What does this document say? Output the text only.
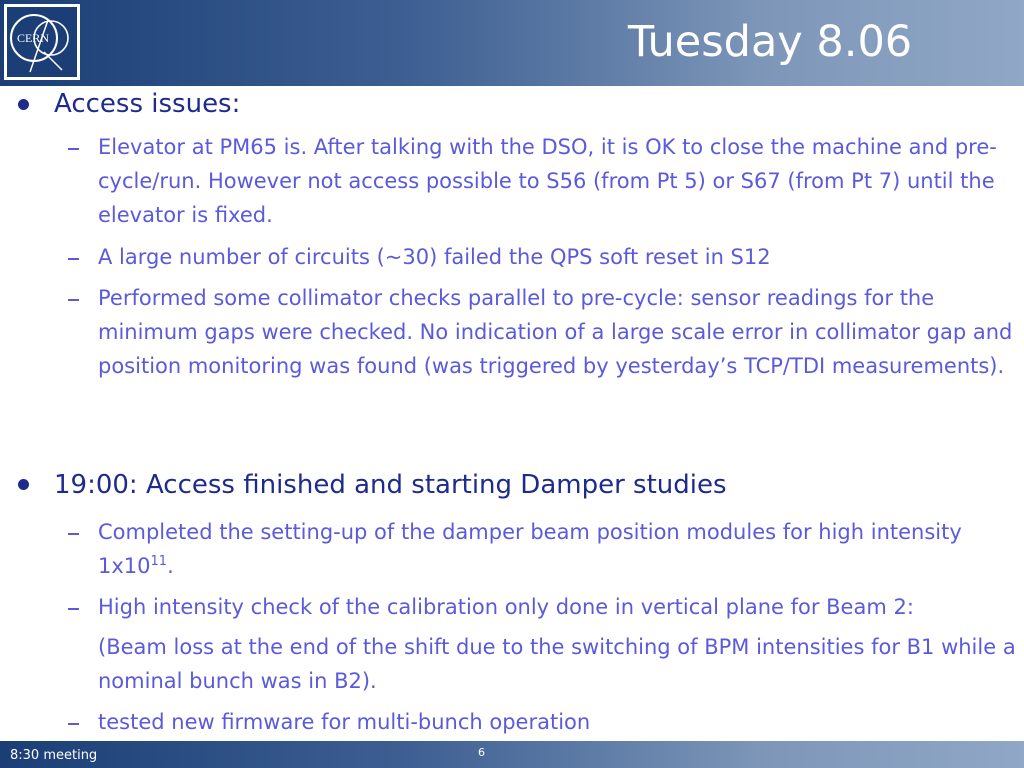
CERN	Tuesday 8.06
Access issues:
Elevator at PM65 is. After talking with the DSO, it is OK to close the machine and pre-cycle/run. However not access possible to S56 (from Pt 5) or S67 (from Pt 7) until the elevator is fixed.
A large number of circuits (~30) failed the QPS soft reset in S12
Performed some collimator checks parallel to pre-cycle: sensor readings for the minimum gaps were checked. No indication of a large scale error in collimator gap and position monitoring was found (was triggered by yesterday’s TCP/TDI measurements).
19:00: Access finished and starting Damper studies
Completed the setting-up of the damper beam position modules for high intensity $1x10^{11}$.
High intensity check of the calibration only done in vertical plane for Beam 2:
(Beam loss at the end of the shift due to the switching of BPM intensities for B1 while a nominal bunch was in B2).
tested new firmware for multi-bunch operation
8:30 meeting	6
